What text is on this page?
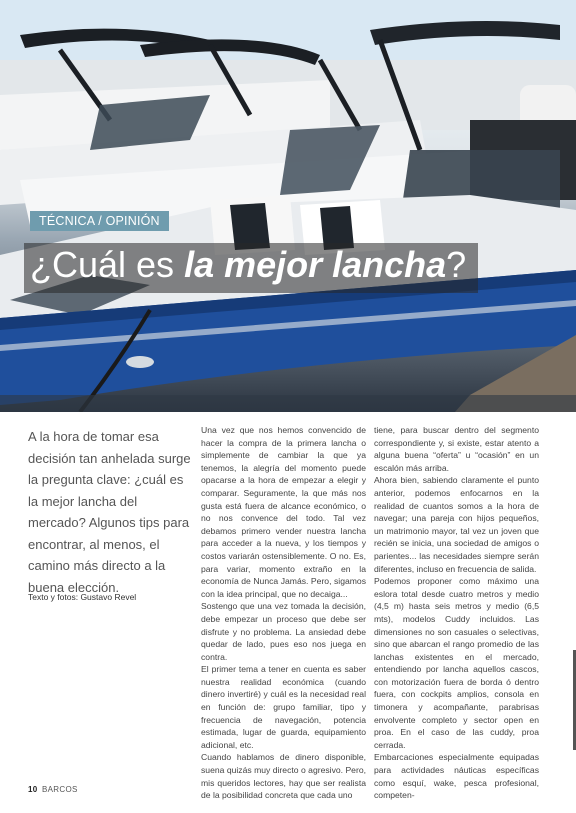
TÉCNICA / OPINIÓN
¿Cuál es la mejor lancha?

A la hora de tomar esa decisión tan anhelada surge la pregunta clave: ¿cuál es la mejor lancha del mercado? Algunos tips para encontrar, al menos, el camino más directo a la buena elección.

Texto y fotos: Gustavo Revel

Una vez que nos hemos convencido de hacer la compra de la primera lancha o simplemente de cambiar la que ya tenemos, la alegría del momento puede opacarse a la hora de empezar a elegir y comparar. Seguramente, la que más nos gusta está fuera de alcance económico, o no nos convence del todo. Tal vez debamos primero vender nuestra lancha para acceder a la nueva, y los tiempos y costos variarán ostensiblemente. O no. Es, para variar, momento extraño en la economía de Nunca Jamás. Pero, sigamos con la idea principal, que no decaiga...

Sostengo que una vez tomada la decisión, debe empezar un proceso que debe ser disfrute y no problema. La ansiedad debe quedar de lado, pues eso nos juega en contra.

El primer tema a tener en cuenta es saber nuestra realidad económica (cuando dinero invertiré) y cuál es la necesidad real en función de: grupo familiar, tipo y frecuencia de navegación, potencia estimada, lugar de guarda, equipamiento adicional, etc.

Cuando hablamos de dinero disponible, suena quizás muy directo o agresivo. Pero, mis queridos lectores, hay que ser realista de la posibilidad concreta que cada uno

tiene, para buscar dentro del segmento correspondiente y, si existe, estar atento a alguna buena “oferta” u “ocasión” en un escalón más arriba.

Ahora bien, sabiendo claramente el punto anterior, podemos enfocarnos en la realidad de cuantos somos a la hora de navegar; una pareja con hijos pequeños, un matrimonio mayor, tal vez un joven que recién se inicia, una sociedad de amigos o parientes... las necesidades siempre serán diferentes, incluso en frecuencia de salida.

Podemos proponer como máximo una eslora total desde cuatro metros y medio (4,5 m) hasta seis metros y medio (6,5 mts), modelos Cuddy incluidos. Las dimensiones no son casuales o selectivas, sino que abarcan el rango promedio de las lanchas existentes en el mercado, entendiendo por lancha aquellos cascos, con motorización fuera de borda ó dentro fuera, con cockpits amplios, consola en timonera y acompañante, parabrisas envolvente completo y sector open en proa. En el caso de las cuddy, proa cerrada.

Embarcaciones especialmente equipadas para actividades náuticas específicas como esquí, wake, pesca profesional, competen-

10 BARCOS
